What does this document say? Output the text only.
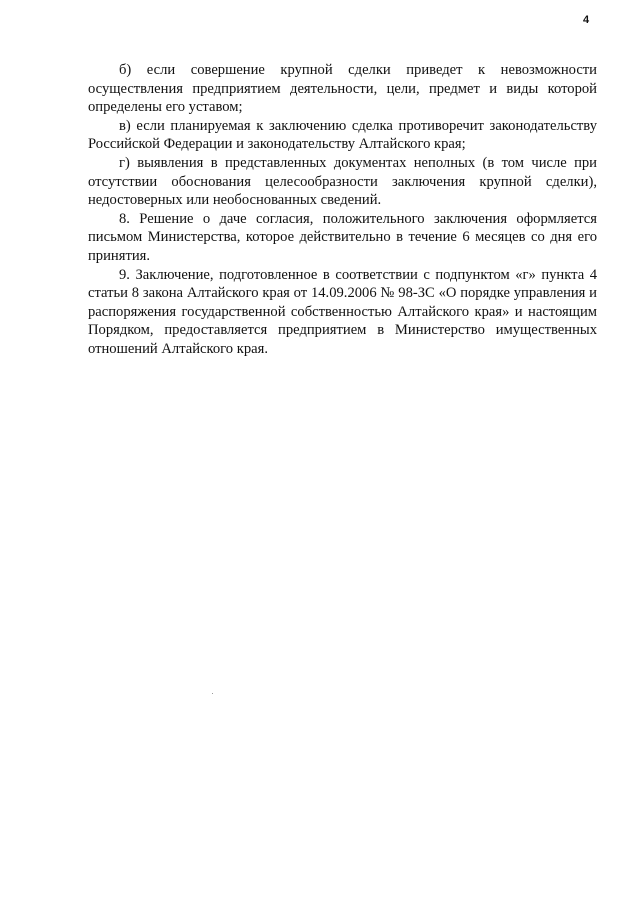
4

б) если совершение крупной сделки приведет к невозможности осуществления предприятием деятельности, цели, предмет и виды которой определены его уставом;

в) если планируемая к заключению сделка противоречит законодательству Российской Федерации и законодательству Алтайского края;

г) выявления в представленных документах неполных (в том числе при отсутствии обоснования целесообразности заключения крупной сделки), недостоверных или необоснованных сведений.

8. Решение о даче согласия, положительного заключения оформляется письмом Министерства, которое действительно в течение 6 месяцев со дня его принятия.

9. Заключение, подготовленное в соответствии с подпунктом «г» пункта 4 статьи 8 закона Алтайского края от 14.09.2006 № 98-ЗС «О порядке управления и распоряжения государственной собственностью Алтайского края» и настоящим Порядком, предоставляется предприятием в Министерство имущественных отношений Алтайского края.
